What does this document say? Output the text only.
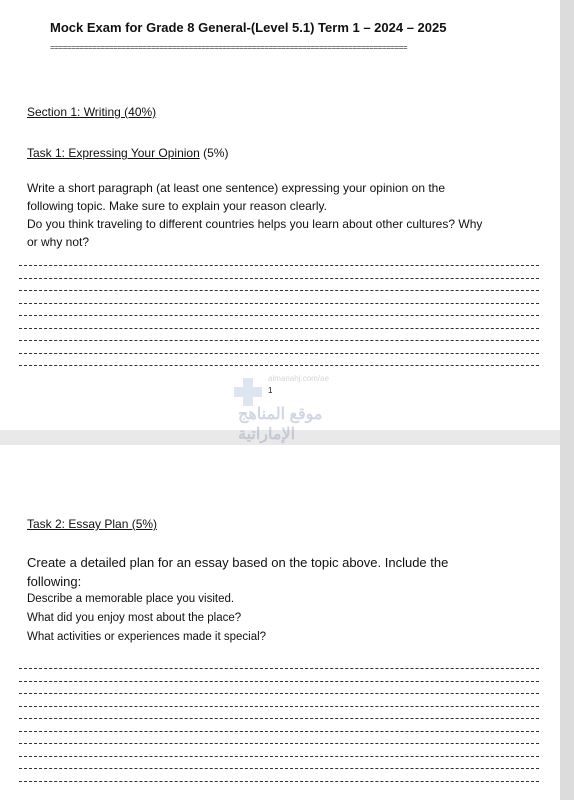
Mock Exam for Grade 8 General-(Level 5.1) Term 1 – 2024 – 2025
=====================================================================================
Section 1: Writing (40%)
Task 1: Expressing Your Opinion (5%)
Write a short paragraph (at least one sentence) expressing your opinion on the
following topic. Make sure to explain your reason clearly.
Do you think traveling to different countries helps you learn about other cultures? Why
or why not?
almanahj.com/ae
موقع المناهج الإماراتية
1
Task 2: Essay Plan (5%)
Create a detailed plan for an essay based on the topic above. Include the
following:
Describe a memorable place you visited.
What did you enjoy most about the place?
What activities or experiences made it special?
